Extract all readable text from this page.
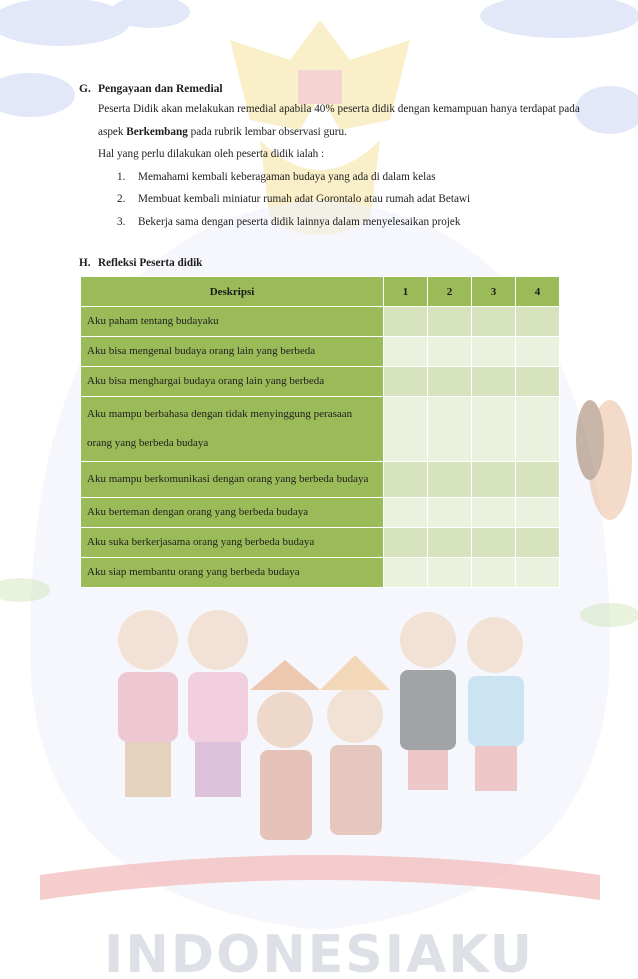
INDONESIAKU
G. Pengayaan dan Remedial
Peserta Didik akan melakukan remedial apabila 40% peserta didik dengan kemampuan hanya terdapat pada aspek Berkembang pada rubrik lembar observasi guru.
Hal yang perlu dilakukan oleh peserta didik ialah :
1.	Memahami kembali keberagaman budaya yang ada di dalam kelas
2.	Membuat kembali miniatur rumah adat Gorontalo atau rumah adat Betawi
3.	Bekerja sama dengan peserta didik lainnya dalam menyelesaikan projek
H. Refleksi Peserta didik
Deskripsi	1	2	3	4
Aku paham tentang budayaku				
Aku bisa mengenal budaya orang lain yang berbeda				
Aku bisa menghargai budaya orang lain yang berbeda				
Aku mampu berbahasa dengan tidak menyinggung perasaan orang yang berbeda budaya				
Aku mampu berkomunikasi dengan orang yang berbeda budaya				
Aku berteman dengan orang yang berbeda budaya				
Aku suka berkerjasama orang yang berbeda budaya				
Aku siap membantu orang yang berbeda budaya				
